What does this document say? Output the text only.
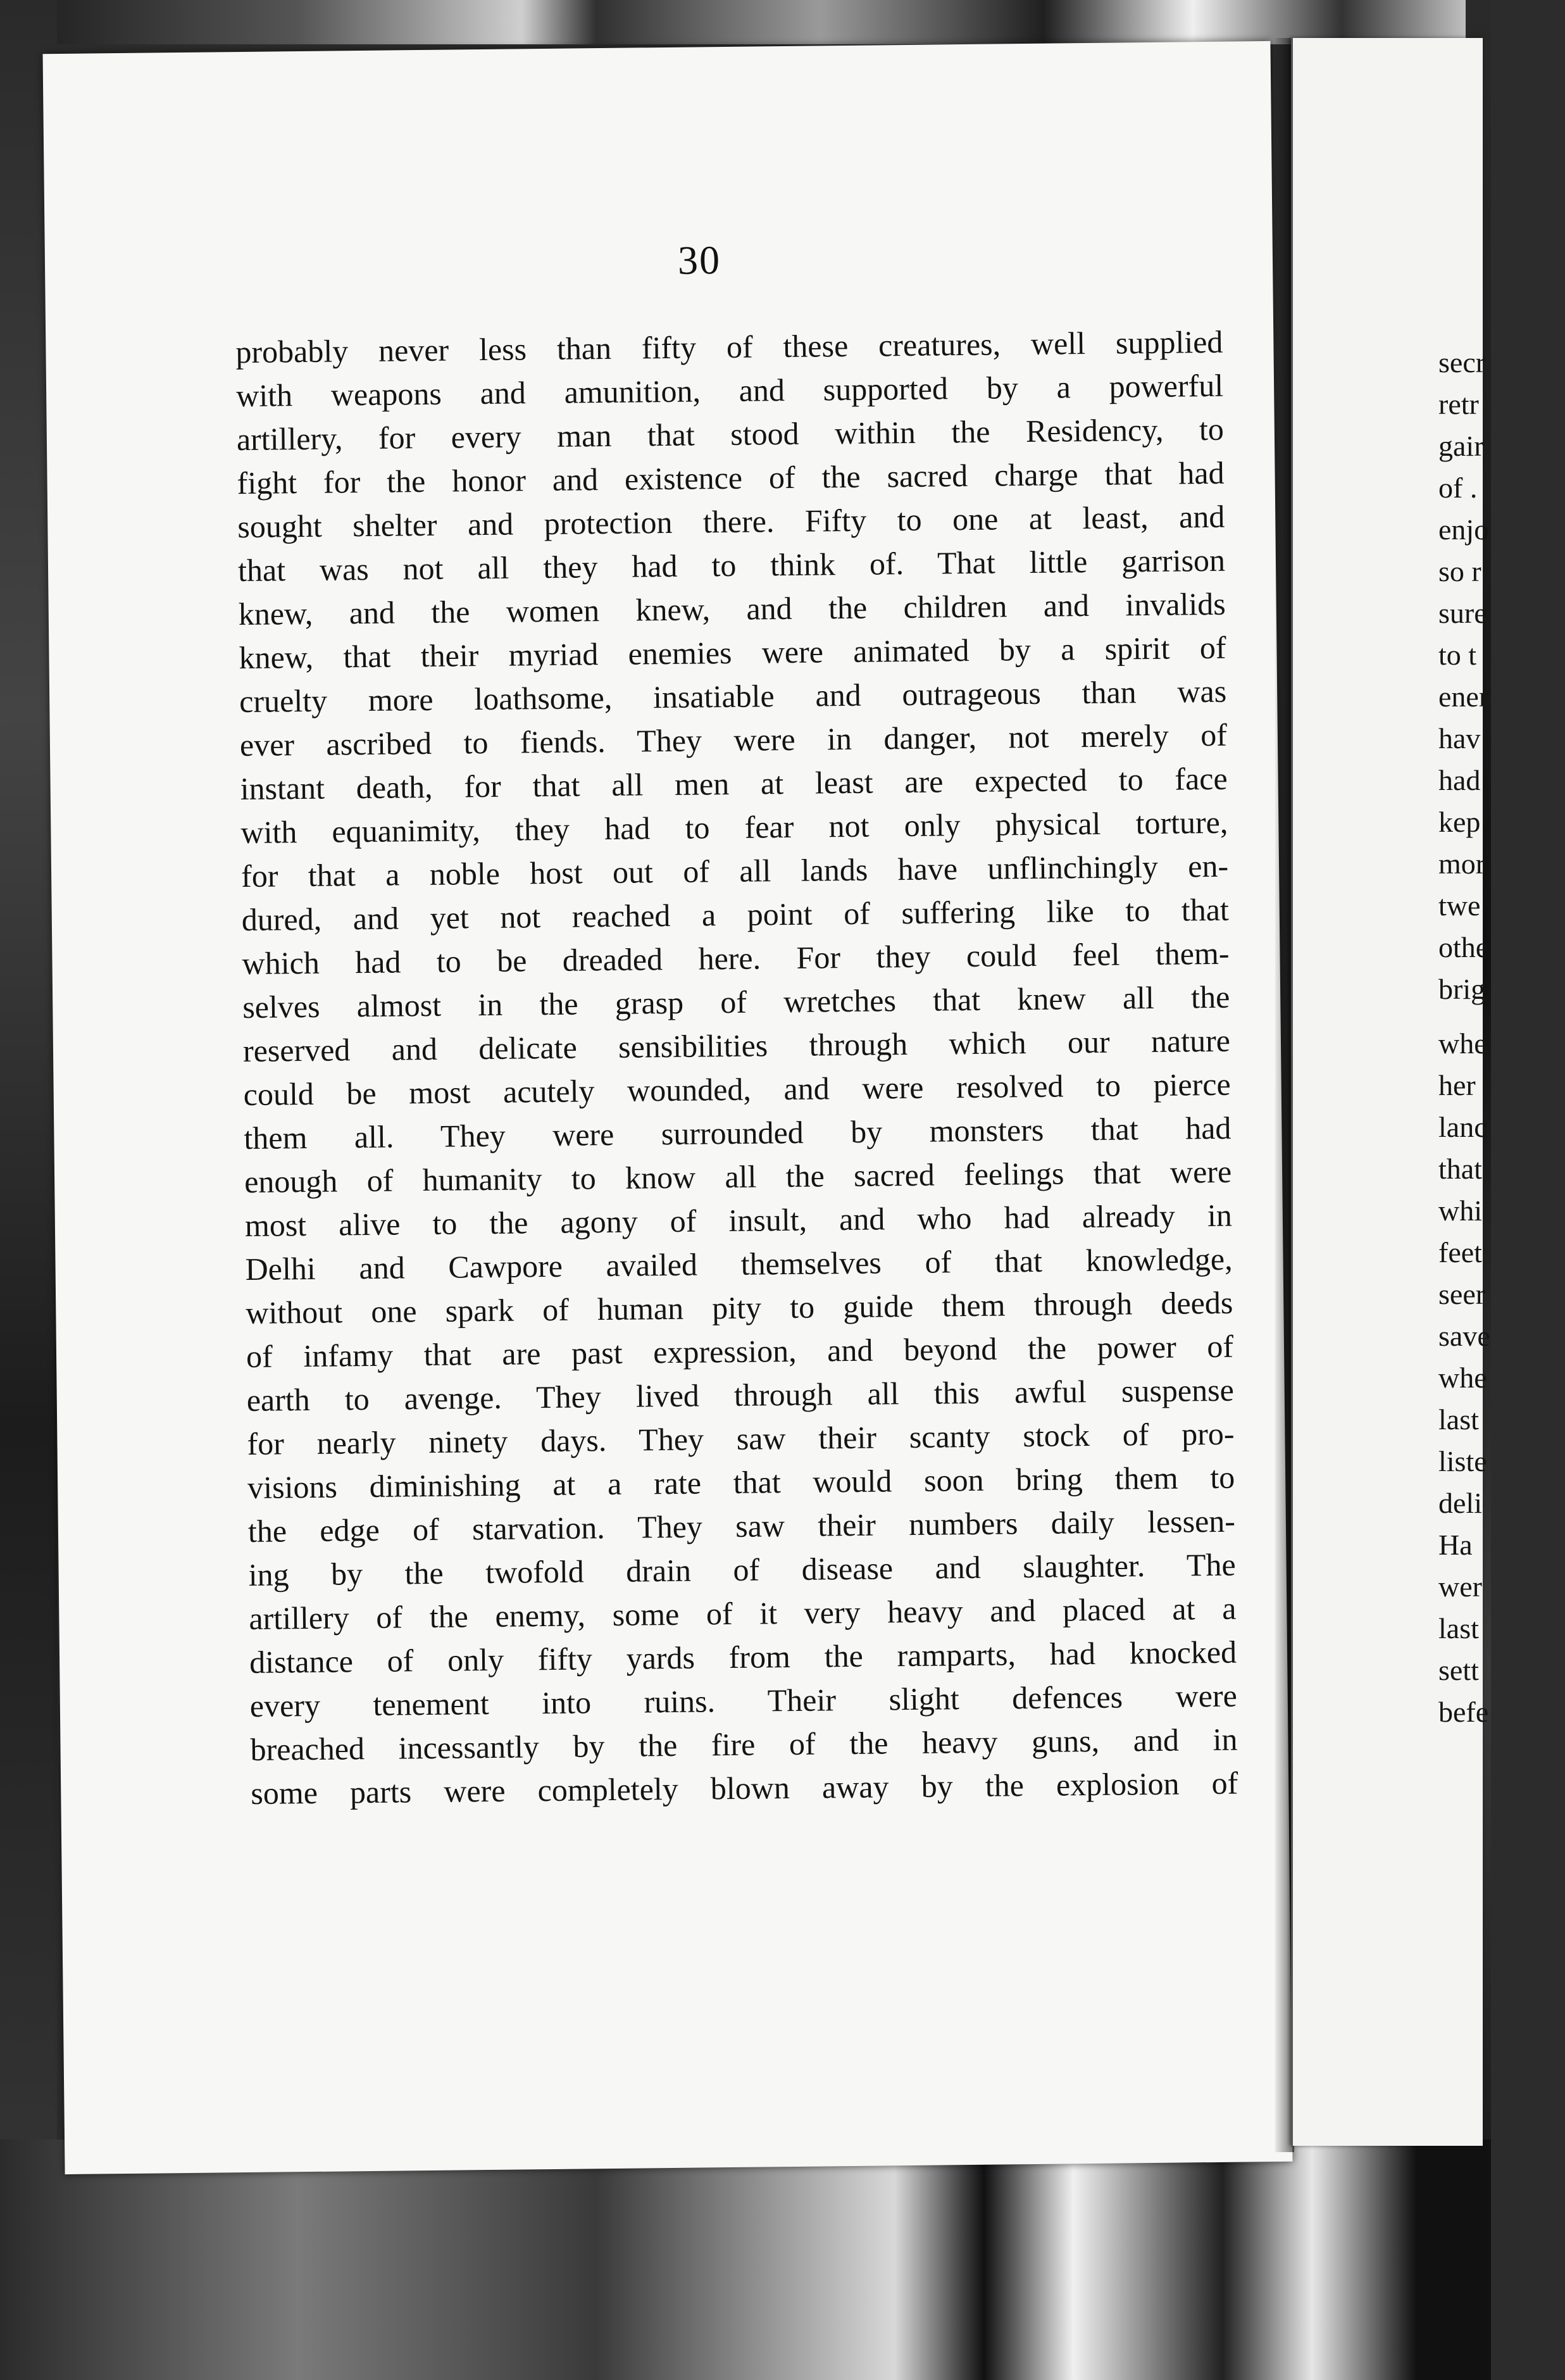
30
probably never less than fifty of these creatures, well supplied
with weapons and amunition, and supported by a powerful
artillery, for every man that stood within the Residency, to
fight for the honor and existence of the sacred charge that had
sought shelter and protection there. Fifty to one at least, and
that was not all they had to think of. That little garrison
knew, and the women knew, and the children and invalids
knew, that their myriad enemies were animated by a spirit of
cruelty more loathsome, insatiable and outrageous than was
ever ascribed to fiends. They were in danger, not merely of
instant death, for that all men at least are expected to face
with equanimity, they had to fear not only physical torture,
for that a noble host out of all lands have unflinchingly en-
dured, and yet not reached a point of suffering like to that
which had to be dreaded here. For they could feel them-
selves almost in the grasp of wretches that knew all the
reserved and delicate sensibilities through which our nature
could be most acutely wounded, and were resolved to pierce
them all. They were surrounded by monsters that had
enough of humanity to know all the sacred feelings that were
most alive to the agony of insult, and who had already in
Delhi and Cawpore availed themselves of that knowledge,
without one spark of human pity to guide them through deeds
of infamy that are past expression, and beyond the power of
earth to avenge. They lived through all this awful suspense
for nearly ninety days. They saw their scanty stock of pro-
visions diminishing at a rate that would soon bring them to
the edge of starvation. They saw their numbers daily lessen-
ing by the twofold drain of disease and slaughter. The
artillery of the enemy, some of it very heavy and placed at a
distance of only fifty yards from the ramparts, had knocked
every tenement into ruins. Their slight defences were
breached incessantly by the fire of the heavy guns, and in
some parts were completely blown away by the explosion of
secr
retr
gair
of .
enjo
so r
sure
to t
ener
hav
had
kep
mor
twe
othe
brig
whe
her
lanc
that
whi
feet
seer
save
whe
last
liste
deli
Ha
wer
last
sett
befe
